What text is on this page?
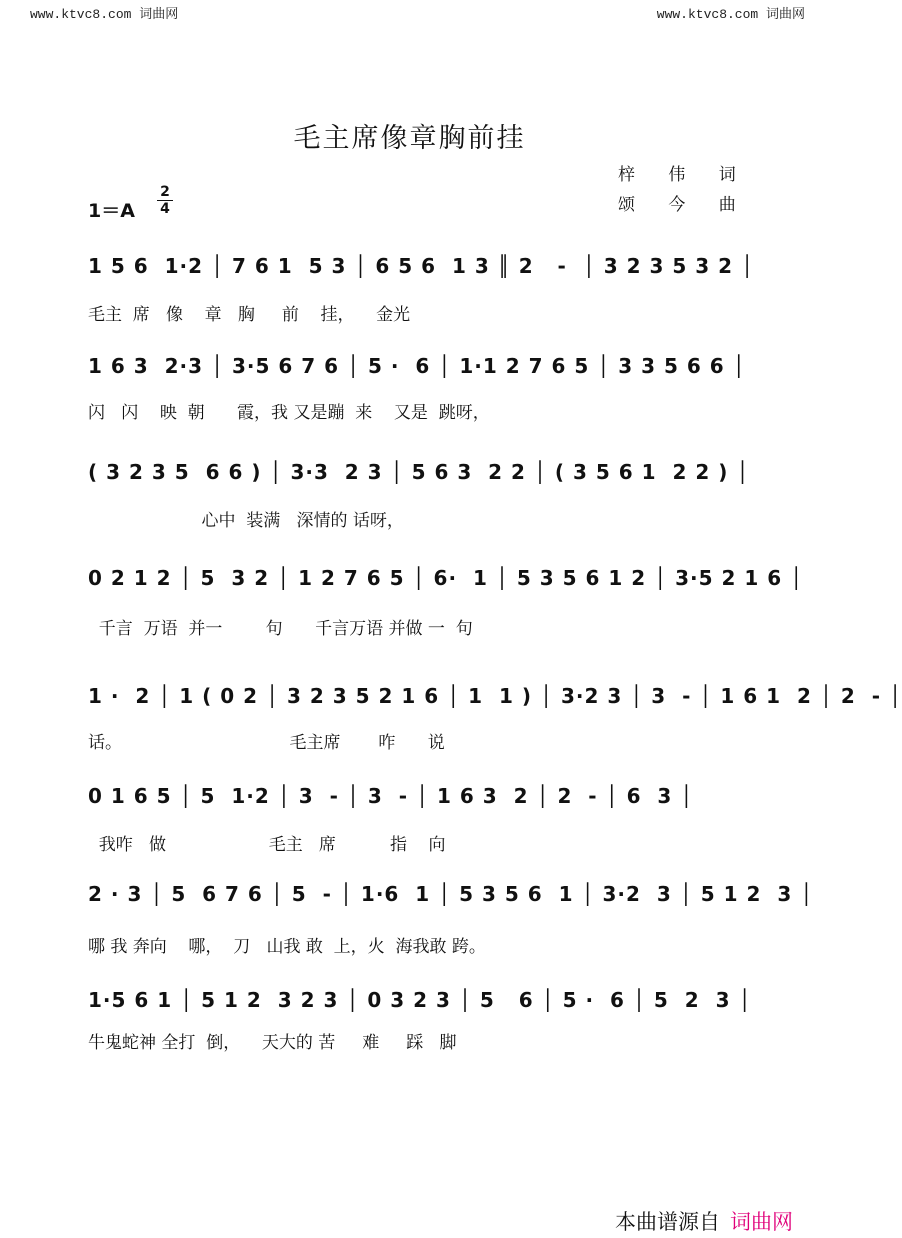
www.ktvc8.com 词曲网	www.ktvc8.com 词曲网
毛主席像章胸前挂
梓 伟 词
颂 今 曲
1＝A
2
4
1 5 6  1·2 │ 7 6 1  5 3 │ 6 5 6  1 3 ║ 2   -  │ 3 2 3 5 3 2 │
毛主  席   像    章   胸     前    挂，    金光
1 6 3  2·3 │ 3·5 6 7 6 │ 5 ·  6 │ 1·1 2 7 6 5 │ 3 3 5 6 6 │
闪   闪    映  朝      霞，我 又是蹦  来    又是  跳呀，
( 3 2 3 5  6 6 ) │ 3·3  2 3 │ 5 6 3  2 2 │ ( 3 5 6 1  2 2 ) │
心中  装满   深情的 话呀，
0 2 1 2 │ 5  3 2 │ 1 2 7 6 5 │ 6·  1 │ 5 3 5 6 1 2 │ 3·5 2 1 6 │
千言  万语  并一        句      千言万语 并做 一  句
1 ·  2 │ 1 ( 0 2 │ 3 2 3 5 2 1 6 │ 1  1 ) │ 3·2 3 │ 3  - │ 1 6 1  2 │ 2  - │
话。                               毛主席       咋      说
0 1 6 5 │ 5  1·2 │ 3  - │ 3  - │ 1 6 3  2 │ 2  - │ 6  3 │
我咋   做                   毛主   席          指    向
2 · 3 │ 5  6 7 6 │ 5  - │ 1·6  1 │ 5 3 5 6  1 │ 3·2  3 │ 5 1 2  3 │
哪 我 奔向    哪，  刀   山我 敢  上，火  海我敢 跨。
1·5 6 1 │ 5 1 2  3 2 3 │ 0 3 2 3 │ 5   6 │ 5 ·  6 │ 5  2  3 │
牛鬼蛇神 全打  倒，    天大的 苦     难     踩   脚
本曲谱源自 词曲网
